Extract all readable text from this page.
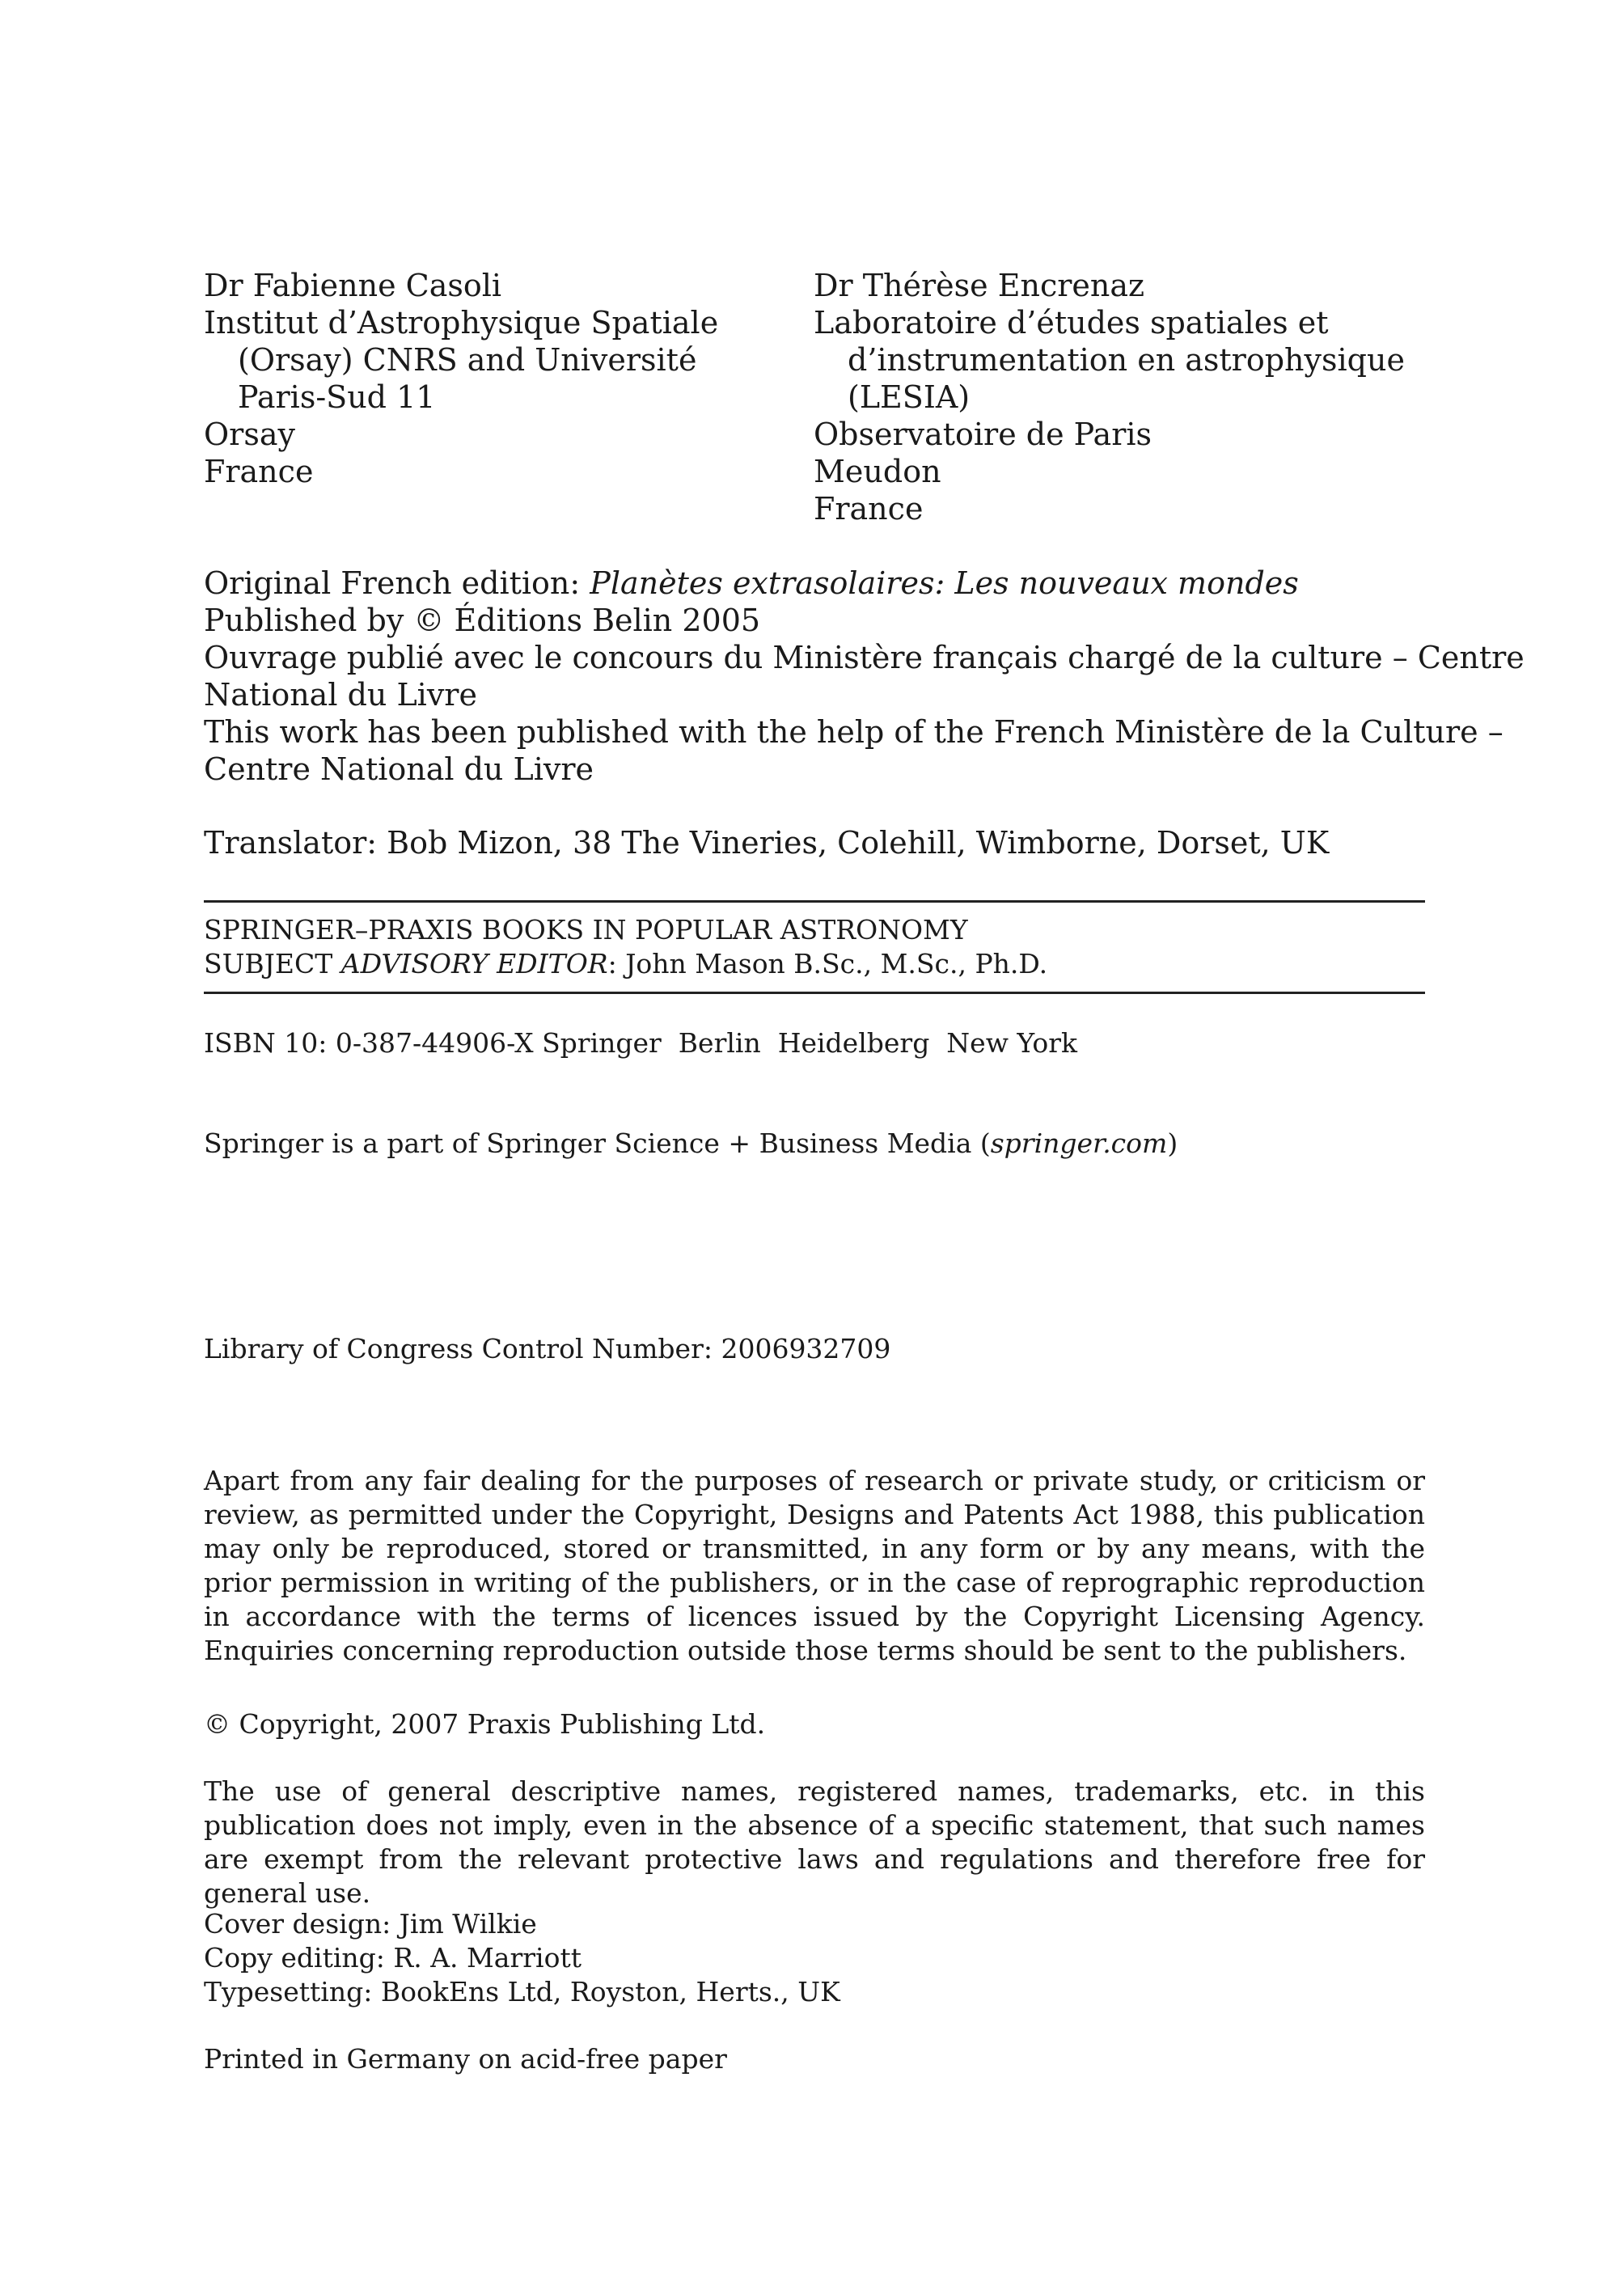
Dr Fabienne Casoli
Institut d’Astrophysique Spatiale
(Orsay) CNRS and Université
Paris-Sud 11
Orsay
France
Dr Thérèse Encrenaz
Laboratoire d’études spatiales et
d’instrumentation en astrophysique
(LESIA)
Observatoire de Paris
Meudon
France
Original French edition: Planètes extrasolaires: Les nouveaux mondes
Published by © Éditions Belin 2005
Ouvrage publié avec le concours du Ministère français chargé de la culture – Centre
National du Livre
This work has been published with the help of the French Ministère de la Culture –
Centre National du Livre
Translator: Bob Mizon, 38 The Vineries, Colehill, Wimborne, Dorset, UK
SPRINGER–PRAXIS BOOKS IN POPULAR ASTRONOMY
SUBJECT ADVISORY EDITOR: John Mason B.Sc., M.Sc., Ph.D.
ISBN 10: 0-387-44906-X Springer  Berlin  Heidelberg  New York
Springer is a part of Springer Science + Business Media (springer.com)
Library of Congress Control Number: 2006932709
Apart from any fair dealing for the purposes of research or private study, or criticism or review, as permitted under the Copyright, Designs and Patents Act 1988, this publication may only be reproduced, stored or transmitted, in any form or by any means, with the prior permission in writing of the publishers, or in the case of reprographic reproduction in accordance with the terms of licences issued by the Copyright Licensing Agency. Enquiries concerning reproduction outside those terms should be sent to the publishers.
© Copyright, 2007 Praxis Publishing Ltd.
The use of general descriptive names, registered names, trademarks, etc. in this publication does not imply, even in the absence of a specific statement, that such names are exempt from the relevant protective laws and regulations and therefore free for general use.
Cover design: Jim Wilkie
Copy editing: R. A. Marriott
Typesetting: BookEns Ltd, Royston, Herts., UK
Printed in Germany on acid-free paper
